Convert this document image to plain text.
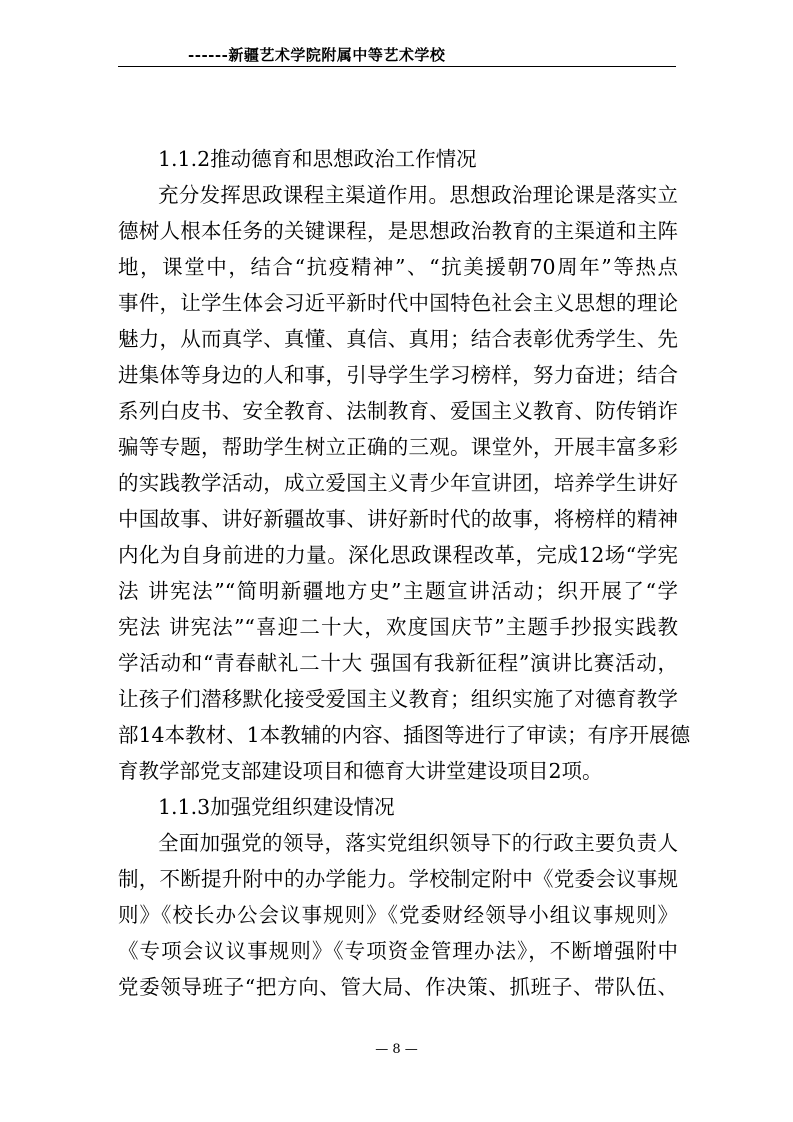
------新疆艺术学院附属中等艺术学校
1.1.2推动德育和思想政治工作情况
充分发挥思政课程主渠道作用。思想政治理论课是落实立
德树人根本任务的关键课程，是思想政治教育的主渠道和主阵
地，课堂中，结合“抗疫精神”、“抗美援朝70周年”等热点
事件，让学生体会习近平新时代中国特色社会主义思想的理论
魅力，从而真学、真懂、真信、真用；结合表彰优秀学生、先
进集体等身边的人和事，引导学生学习榜样，努力奋进；结合
系列白皮书、安全教育、法制教育、爱国主义教育、防传销诈
骗等专题，帮助学生树立正确的三观。课堂外，开展丰富多彩
的实践教学活动，成立爱国主义青少年宣讲团，培养学生讲好
中国故事、讲好新疆故事、讲好新时代的故事，将榜样的精神
内化为自身前进的力量。深化思政课程改革，完成12场“学宪
法 讲宪法”“简明新疆地方史”主题宣讲活动；织开展了“学
宪法 讲宪法”“喜迎二十大，欢度国庆节”主题手抄报实践教
学活动和“青春献礼二十大 强国有我新征程”演讲比赛活动，
让孩子们潜移默化接受爱国主义教育；组织实施了对德育教学
部14本教材、1本教辅的内容、插图等进行了审读；有序开展德
育教学部党支部建设项目和德育大讲堂建设项目2项。
1.1.3加强党组织建设情况
全面加强党的领导，落实党组织领导下的行政主要负责人
制，不断提升附中的办学能力。学校制定附中《党委会议事规
则》《校长办公会议事规则》《党委财经领导小组议事规则》
《专项会议议事规则》《专项资金管理办法》，不断增强附中
党委领导班子“把方向、管大局、作决策、抓班子、带队伍、
— 8 —
